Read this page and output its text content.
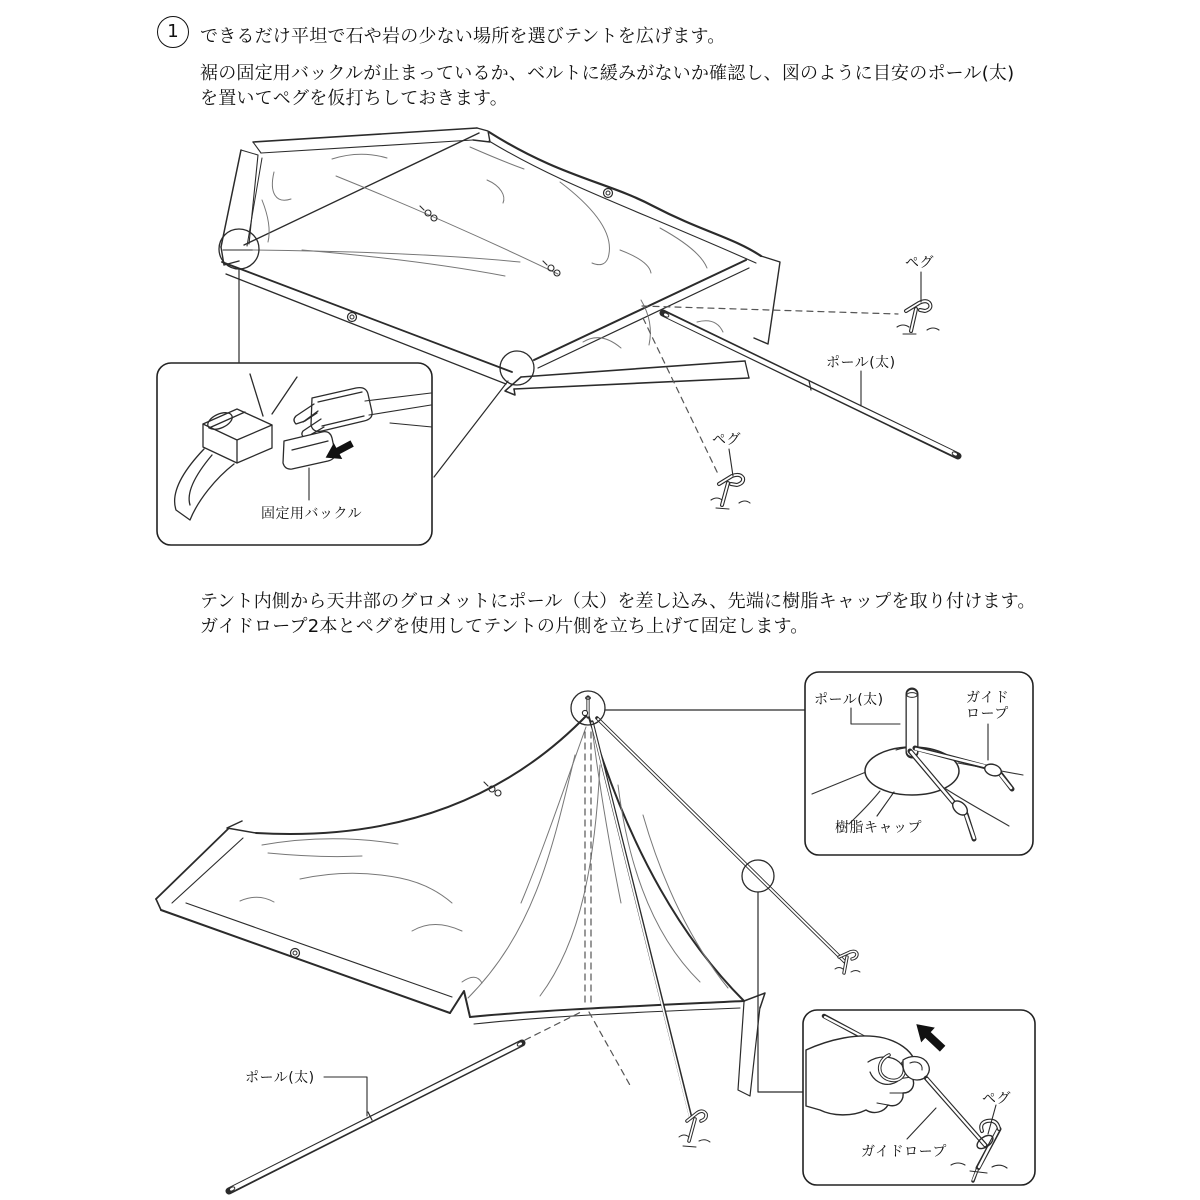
1	できるだけ平坦で石や岩の少ない場所を選びテントを広げます。
裾の固定用バックルが止まっているか、ベルトに緩みがないか確認し、図のように目安のポール(太)
を置いてペグを仮打ちしておきます。
テント内側から天井部のグロメットにポール（太）を差し込み、先端に樹脂キャップを取り付けます。
ガイドロープ2本とペグを使用してテントの片側を立ち上げて固定します。
ペグ
ポール(太)
ペグ
固定用バックル
ポール(太)	ガイド
ロープ
樹脂キャップ
ペグ
ガイドロープ
ポール(太)
